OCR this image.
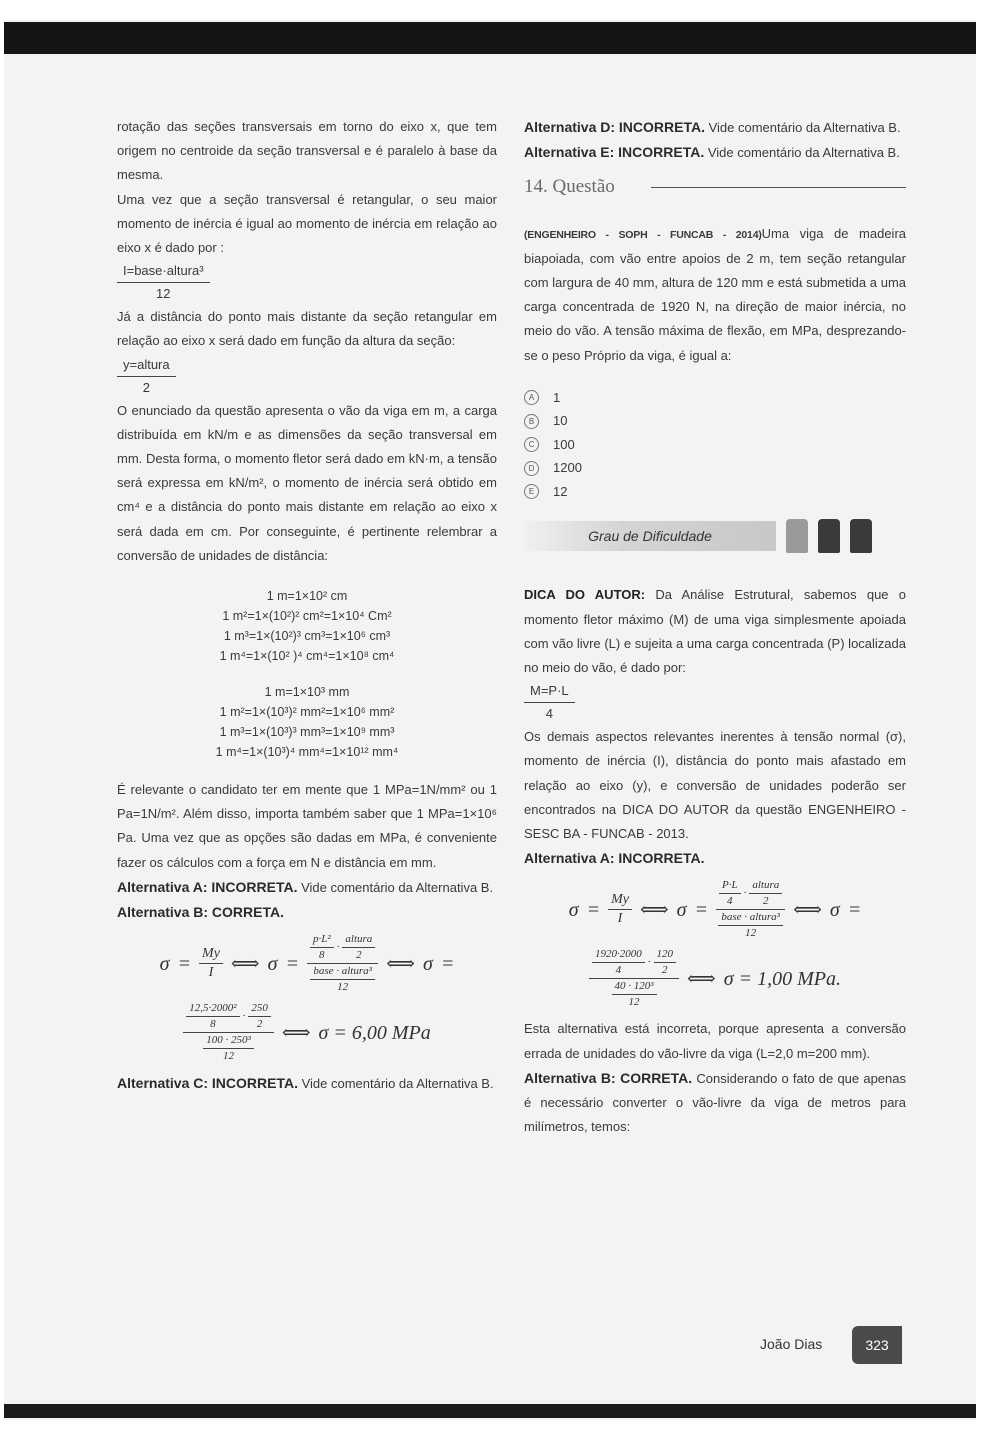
rotação das seções transversais em torno do eixo x, que tem origem no centroide da seção transversal e é paralelo à base da mesma.

Uma vez que a seção transversal é retangular, o seu maior momento de inércia é igual ao momento de inércia em relação ao eixo x é dado por :

$\frac{\text{I=base·altura³}}{12}$

Já a distância do ponto mais distante da seção retangular em relação ao eixo x será dado em função da altura da seção:

$\frac{\text{y=altura}}{2}$

O enunciado da questão apresenta o vão da viga em m, a carga distribuída em kN/m e as dimensões da seção transversal em mm. Desta forma, o momento fletor será dado em kN·m, a tensão será expressa em kN/m², o momento de inércia será obtido em cm⁴ e a distância do ponto mais distante em relação ao eixo x será dada em cm. Por conseguinte, é pertinente relembrar a conversão de unidades de distância:

1 m=1×10² cm
1 m²=1×(10²)² cm²=1×10⁴ Cm²
1 m³=1×(10²)³ cm³=1×10⁶ cm³
1 m⁴=1×(10² )⁴ cm⁴=1×10⁸ cm⁴
1 m=1×10³ mm
1 m²=1×(10³)² mm²=1×10⁶ mm²
1 m³=1×(10³)³ mm³=1×10⁹ mm³
1 m⁴=1×(10³)⁴ mm⁴=1×10¹² mm⁴

É relevante o candidato ter em mente que 1 MPa=1N/mm² ou 1 Pa=1N/m². Além disso, importa também saber que 1 MPa=1×10⁶ Pa. Uma vez que as opções são dadas em MPa, é conveniente fazer os cálculos com a força em N e distância em mm.

Alternativa A: INCORRETA. Vide comentário da Alternativa B.

Alternativa B: CORRETA.

$\sigma = \frac{My}{I}$ ⟺ σ =
p·L²
8
·
altura
2
base · altura³
12
⟺ σ =
12,5·2000²
8
·
250
2
$\frac{\text{100 · 250³}}{12}$
⟺ σ = 6,00 MPa

Alternativa C: INCORRETA. Vide comentário da Alternativa B.

Alternativa D: INCORRETA. Vide comentário da Alternativa B.

Alternativa E: INCORRETA. Vide comentário da Alternativa B.

14. Questão

(ENGENHEIRO - SOPH - FUNCAB - 2014)Uma viga de madeira biapoiada, com vão entre apoios de 2 m, tem seção retangular com largura de 40 mm, altura de 120 mm e está submetida a uma carga concentrada de 1920 N, na direção de maior inércia, no meio do vão. A tensão máxima de flexão, em MPa, desprezando-se o peso Próprio da viga, é igual a:

A	1
B	10
C	100
D	1200
E	12
Grau de Dificuldade

DICA DO AUTOR: Da Análise Estrutural, sabemos que o momento fletor máximo (M) de uma viga simplesmente apoiada com vão livre (L) e sujeita a uma carga concentrada (P) localizada no meio do vão, é dado por:

$\frac{M=P\cdot L}{4}$

Os demais aspectos relevantes inerentes à tensão normal (σ), momento de inércia (I), distância do ponto mais afastado em relação ao eixo (y), e conversão de unidades poderão ser encontrados na DICA DO AUTOR da questão ENGENHEIRO - SESC BA - FUNCAB - 2013.

Alternativa A: INCORRETA.

$\sigma = \frac{My}{I}$ ⟺ σ =
P·L
4
·
altura
2
base · altura³
12
⟺ σ =
1920·2000
4
·
120
2
$\frac{\text{40 · 120³}}{12}$
⟺ σ = 1,00 MPa.

Esta alternativa está incorreta, porque apresenta a conversão errada de unidades do vão-livre da viga (L=2,0 m=200 mm).

Alternativa B: CORRETA. Considerando o fato de que apenas é necessário converter o vão-livre da viga de metros para milímetros, temos:

João Dias	323
